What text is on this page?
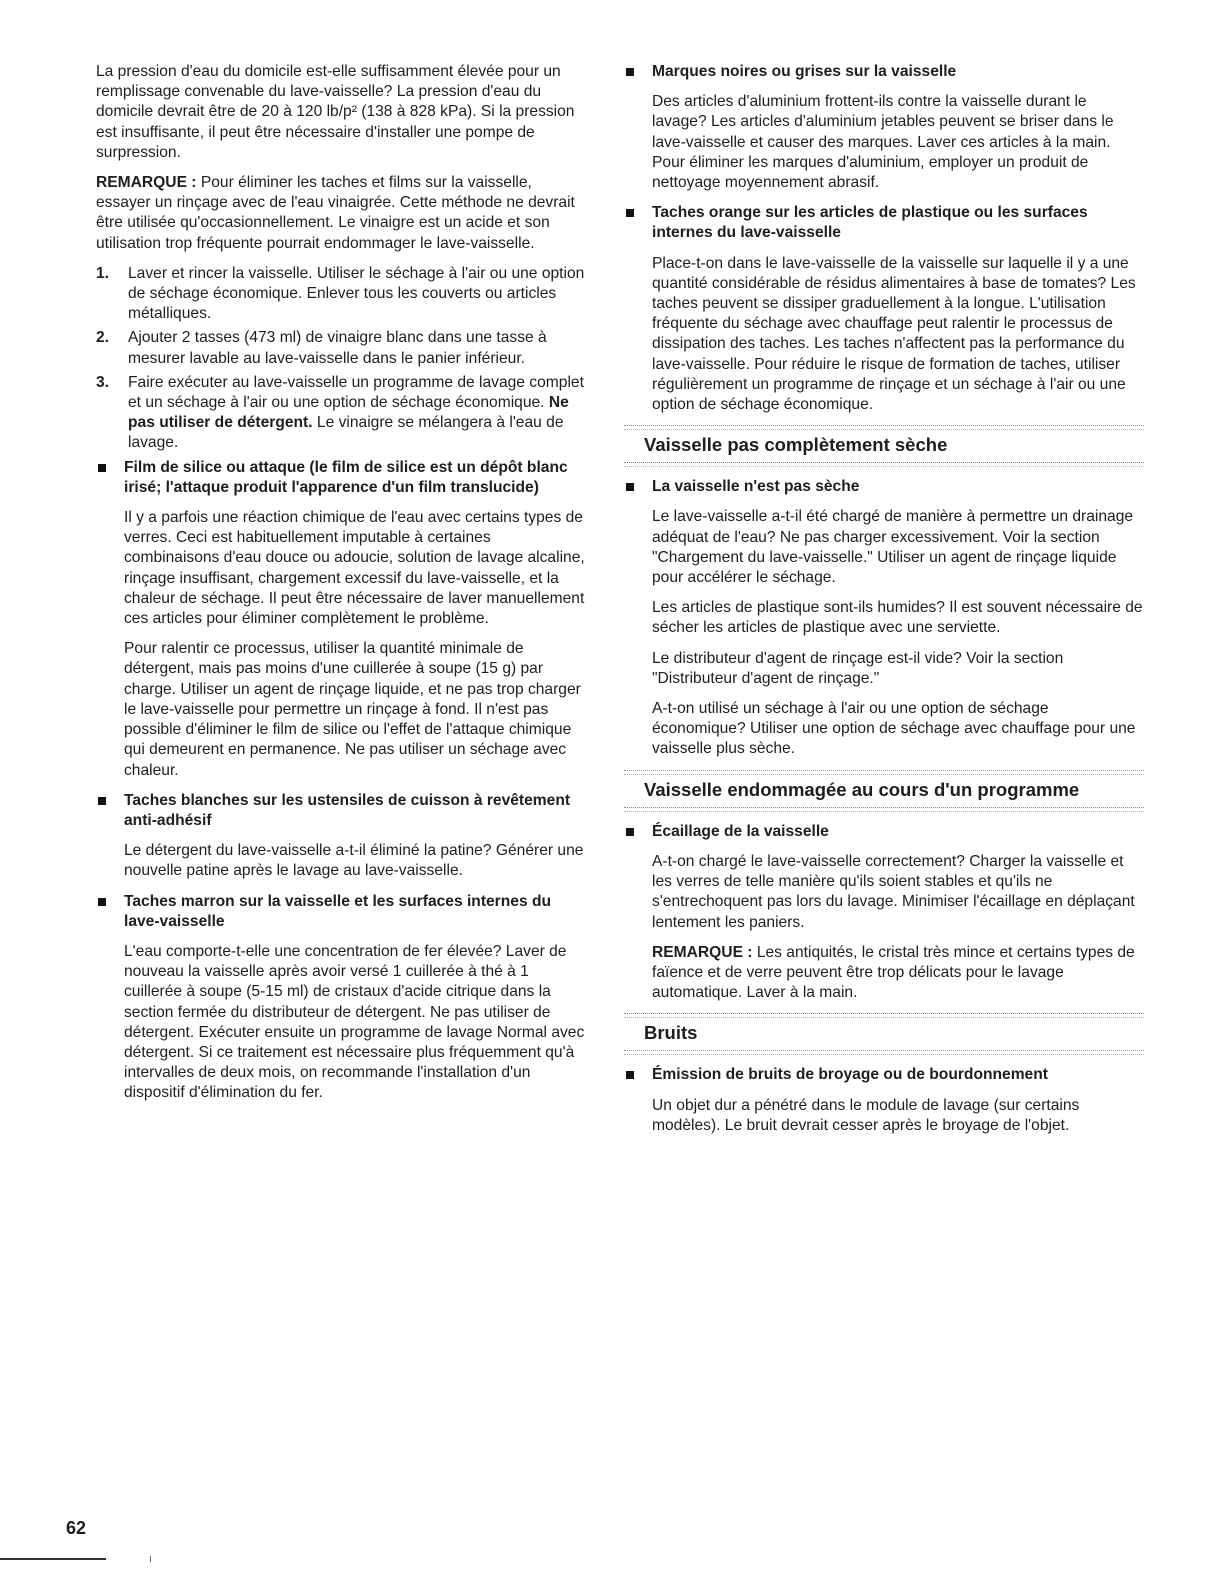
La pression d'eau du domicile est-elle suffisamment élevée pour un remplissage convenable du lave-vaisselle? La pression d'eau du domicile devrait être de 20 à 120 lb/p² (138 à 828 kPa). Si la pression est insuffisante, il peut être nécessaire d'installer une pompe de surpression.

REMARQUE : Pour éliminer les taches et films sur la vaisselle, essayer un rinçage avec de l'eau vinaigrée. Cette méthode ne devrait être utilisée qu'occasionnellement. Le vinaigre est un acide et son utilisation trop fréquente pourrait endommager le lave-vaisselle.

1. Laver et rincer la vaisselle. Utiliser le séchage à l'air ou une option de séchage économique. Enlever tous les couverts ou articles métalliques.
2. Ajouter 2 tasses (473 ml) de vinaigre blanc dans une tasse à mesurer lavable au lave-vaisselle dans le panier inférieur.
3. Faire exécuter au lave-vaisselle un programme de lavage complet et un séchage à l'air ou une option de séchage économique. Ne pas utiliser de détergent. Le vinaigre se mélangera à l'eau de lavage.
Film de silice ou attaque (le film de silice est un dépôt blanc irisé; l'attaque produit l'apparence d'un film translucide)

Il y a parfois une réaction chimique de l'eau avec certains types de verres. Ceci est habituellement imputable à certaines combinaisons d'eau douce ou adoucie, solution de lavage alcaline, rinçage insuffisant, chargement excessif du lave-vaisselle, et la chaleur de séchage. Il peut être nécessaire de laver manuellement ces articles pour éliminer complètement le problème.

Pour ralentir ce processus, utiliser la quantité minimale de détergent, mais pas moins d'une cuillerée à soupe (15 g) par charge. Utiliser un agent de rinçage liquide, et ne pas trop charger le lave-vaisselle pour permettre un rinçage à fond. Il n'est pas possible d'éliminer le film de silice ou l'effet de l'attaque chimique qui demeurent en permanence. Ne pas utiliser un séchage avec chaleur.

Taches blanches sur les ustensiles de cuisson à revêtement anti-adhésif

Le détergent du lave-vaisselle a-t-il éliminé la patine? Générer une nouvelle patine après le lavage au lave-vaisselle.

Taches marron sur la vaisselle et les surfaces internes du lave-vaisselle

L'eau comporte-t-elle une concentration de fer élevée? Laver de nouveau la vaisselle après avoir versé 1 cuillerée à thé à 1 cuillerée à soupe (5-15 ml) de cristaux d'acide citrique dans la section fermée du distributeur de détergent. Ne pas utiliser de détergent. Exécuter ensuite un programme de lavage Normal avec détergent. Si ce traitement est nécessaire plus fréquemment qu'à intervalles de deux mois, on recommande l'installation d'un dispositif d'élimination du fer.

Marques noires ou grises sur la vaisselle

Des articles d'aluminium frottent-ils contre la vaisselle durant le lavage? Les articles d'aluminium jetables peuvent se briser dans le lave-vaisselle et causer des marques. Laver ces articles à la main. Pour éliminer les marques d'aluminium, employer un produit de nettoyage moyennement abrasif.

Taches orange sur les articles de plastique ou les surfaces internes du lave-vaisselle

Place-t-on dans le lave-vaisselle de la vaisselle sur laquelle il y a une quantité considérable de résidus alimentaires à base de tomates? Les taches peuvent se dissiper graduellement à la longue. L'utilisation fréquente du séchage avec chauffage peut ralentir le processus de dissipation des taches. Les taches n'affectent pas la performance du lave-vaisselle. Pour réduire le risque de formation de taches, utiliser régulièrement un programme de rinçage et un séchage à l'air ou une option de séchage économique.

Vaisselle pas complètement sèche
La vaisselle n'est pas sèche

Le lave-vaisselle a-t-il été chargé de manière à permettre un drainage adéquat de l'eau? Ne pas charger excessivement. Voir la section "Chargement du lave-vaisselle." Utiliser un agent de rinçage liquide pour accélérer le séchage.

Les articles de plastique sont-ils humides? Il est souvent nécessaire de sécher les articles de plastique avec une serviette.

Le distributeur d'agent de rinçage est-il vide? Voir la section "Distributeur d'agent de rinçage."

A-t-on utilisé un séchage à l'air ou une option de séchage économique? Utiliser une option de séchage avec chauffage pour une vaisselle plus sèche.

Vaisselle endommagée au cours d'un programme
Écaillage de la vaisselle

A-t-on chargé le lave-vaisselle correctement? Charger la vaisselle et les verres de telle manière qu'ils soient stables et qu'ils ne s'entrechoquent pas lors du lavage. Minimiser l'écaillage en déplaçant lentement les paniers.

REMARQUE : Les antiquités, le cristal très mince et certains types de faïence et de verre peuvent être trop délicats pour le lavage automatique. Laver à la main.

Bruits
Émission de bruits de broyage ou de bourdonnement

Un objet dur a pénétré dans le module de lavage (sur certains modèles). Le bruit devrait cesser après le broyage de l'objet.

62
